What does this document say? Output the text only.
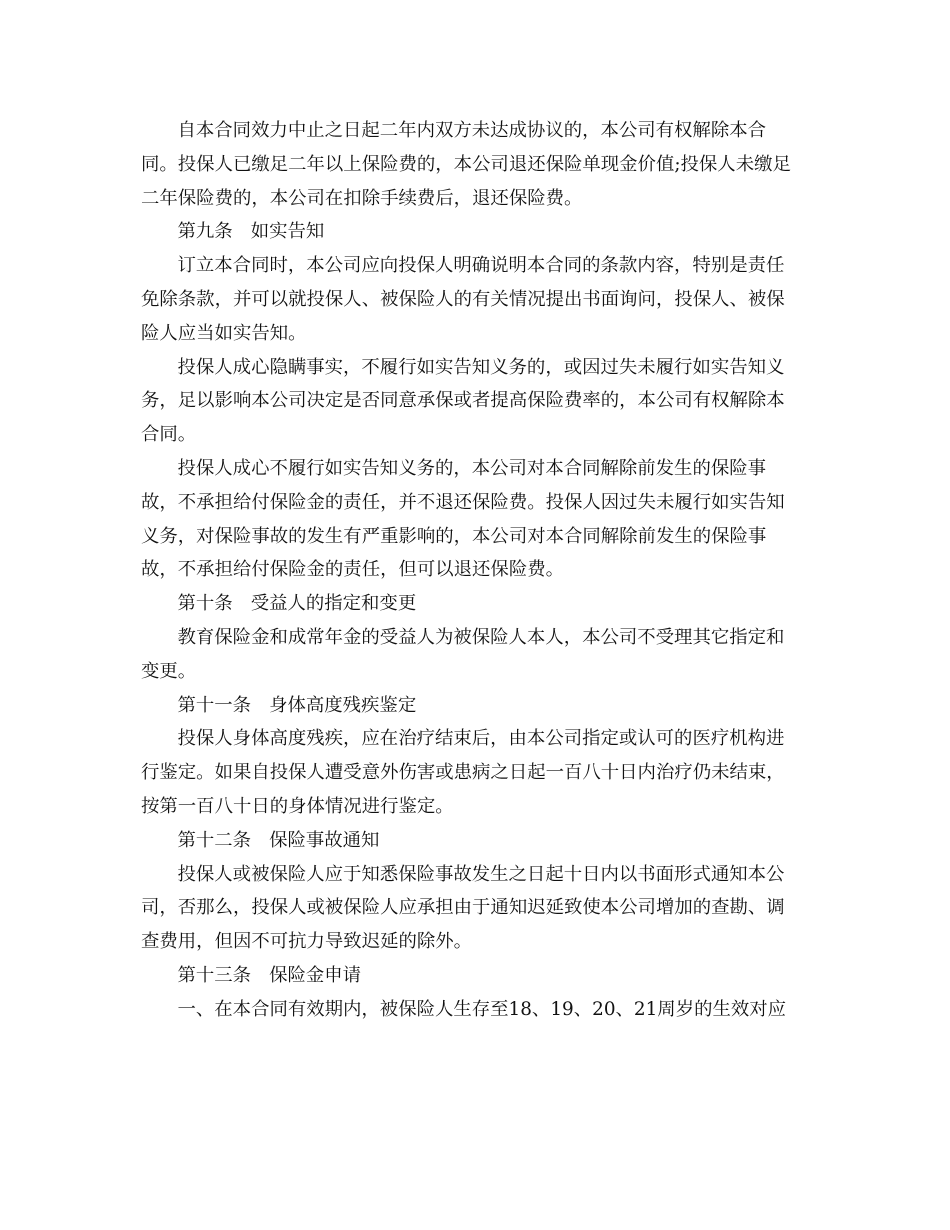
自本合同效力中止之日起二年内双方未达成协议的，本公司有权解除本合
同。投保人已缴足二年以上保险费的，本公司退还保险单现金价值;投保人未缴足
二年保险费的，本公司在扣除手续费后，退还保险费。
第九条 如实告知
订立本合同时，本公司应向投保人明确说明本合同的条款内容，特别是责任
免除条款，并可以就投保人、被保险人的有关情况提出书面询问，投保人、被保
险人应当如实告知。
投保人成心隐瞒事实，不履行如实告知义务的，或因过失未履行如实告知义
务，足以影响本公司决定是否同意承保或者提高保险费率的，本公司有权解除本
合同。
投保人成心不履行如实告知义务的，本公司对本合同解除前发生的保险事
故，不承担给付保险金的责任，并不退还保险费。投保人因过失未履行如实告知
义务，对保险事故的发生有严重影响的，本公司对本合同解除前发生的保险事
故，不承担给付保险金的责任，但可以退还保险费。
第十条 受益人的指定和变更
教育保险金和成常年金的受益人为被保险人本人，本公司不受理其它指定和
变更。
第十一条 身体高度残疾鉴定
投保人身体高度残疾，应在治疗结束后，由本公司指定或认可的医疗机构进
行鉴定。如果自投保人遭受意外伤害或患病之日起一百八十日内治疗仍未结束，
按第一百八十日的身体情况进行鉴定。
第十二条 保险事故通知
投保人或被保险人应于知悉保险事故发生之日起十日内以书面形式通知本公
司，否那么，投保人或被保险人应承担由于通知迟延致使本公司增加的查勘、调
查费用，但因不可抗力导致迟延的除外。
第十三条 保险金申请
一、在本合同有效期内，被保险人生存至18、19、20、21周岁的生效对应
